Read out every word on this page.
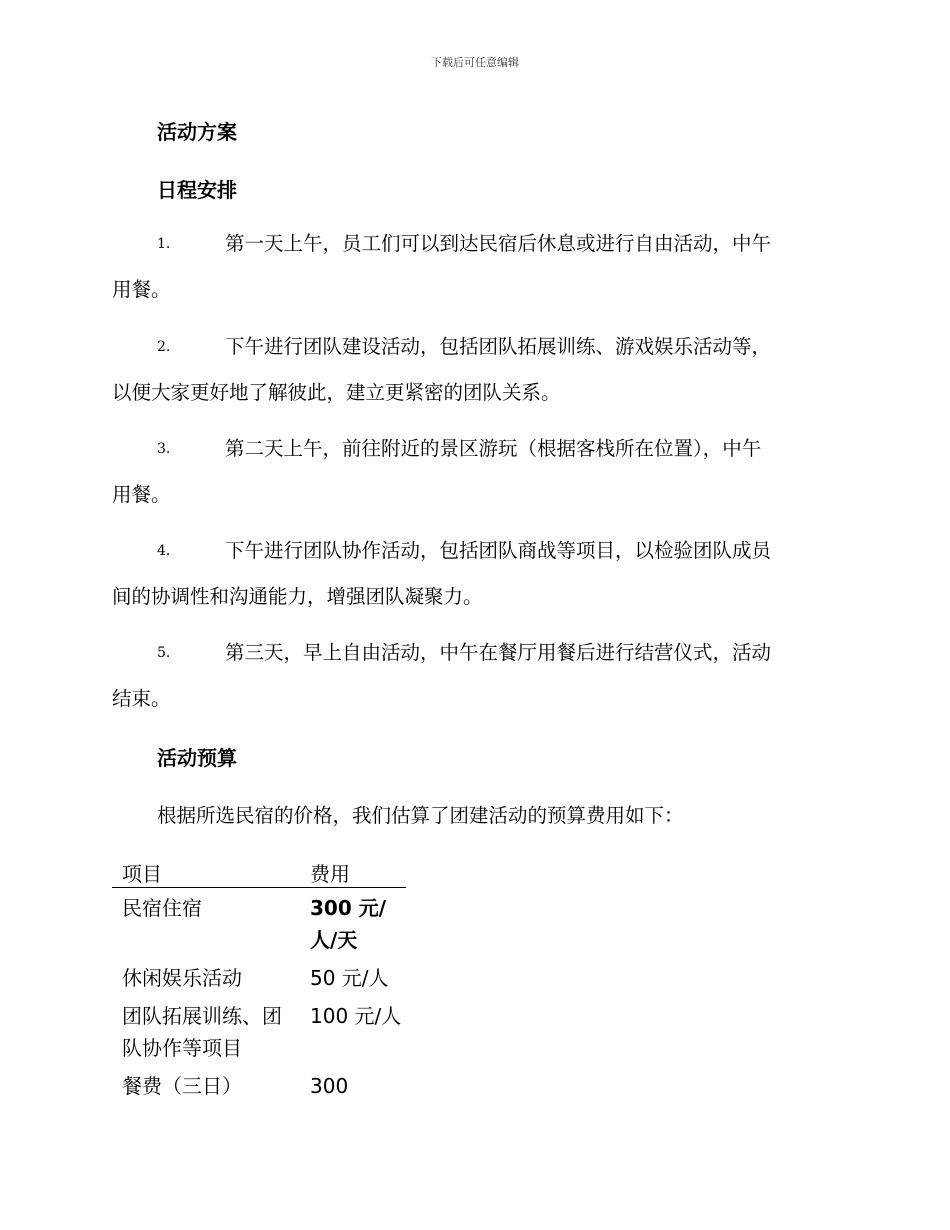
下载后可任意编辑
活动方案
日程安排
1.	第一天上午，员工们可以到达民宿后休息或进行自由活动，中午
用餐。
2.	下午进行团队建设活动，包括团队拓展训练、游戏娱乐活动等，
以便大家更好地了解彼此，建立更紧密的团队关系。
3.	第二天上午，前往附近的景区游玩（根据客栈所在位置），中午
用餐。
4.	下午进行团队协作活动，包括团队商战等项目，以检验团队成员
间的协调性和沟通能力，增强团队凝聚力。
5.	第三天，早上自由活动，中午在餐厅用餐后进行结营仪式，活动
结束。
活动预算
根据所选民宿的价格，我们估算了团建活动的预算费用如下：
项目	费用
民宿住宿	300 元/人/天
休闲娱乐活动	50 元/人
团队拓展训练、团队协作等项目	100 元/人
餐费（三日）	300
